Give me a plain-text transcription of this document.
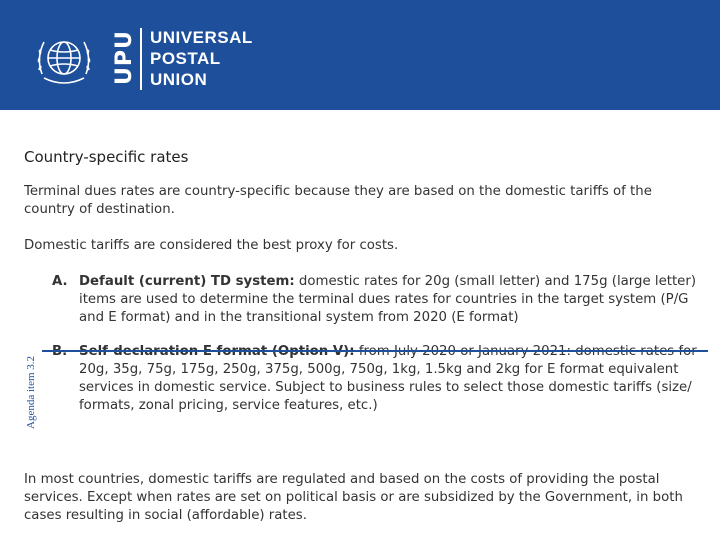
UPU UNIVERSAL
POSTAL
UNION
Country-specific rates
Terminal dues rates are country-specific because they are based on the domestic tariffs of the country of destination.
Domestic tariffs are considered the best proxy for costs.
A. Default (current) TD system: domestic rates for 20g (small letter) and 175g (large letter) items are used to determine the terminal dues rates for countries in the target system (P/G and E format) and in the transitional system from 2020 (E format)
20g, 35g, 75g, 175g, 250g, 375g, 500g, 750g, 1kg, 1.5kg and 2kg for E format equivalent services in domestic service. Subject to business rules to select those domestic tariffs (size/ formats, zonal pricing, service features, etc.)
Agenda item 3.2
In most countries, domestic tariffs are regulated and based on the costs of providing the postal services. Except when rates are set on political basis or are subsidized by the Government, in both cases resulting in social (affordable) rates.
